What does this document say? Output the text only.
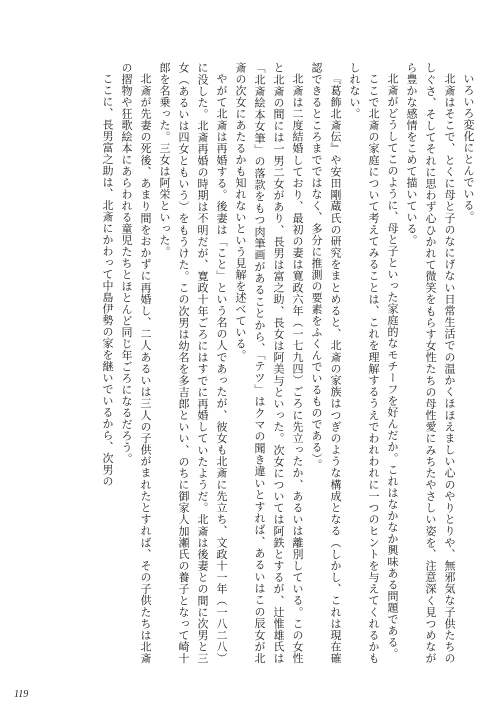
いろいろ変化にとんでいる。

北斎はそこで、とくに母と子のなにげない日常生活での温かくほほえましい心のやりとりや、無邪気な子供たちのしぐさ、そしてそれに思わず心ひかれて微笑をもらす女性たちの母性愛にみちたやさしい姿を、注意深く見つめながら豊かな感情をこめて描いている。

北斎がどうしてこのように、母と子といった家庭的なモチーフを好んだか。これはなかなか興味ある問題である。

ここで北斎の家庭について考えてみることは、これを理解するうえでわれわれに一つのヒントを与えてくれるかもしれない。

『葛飾北斎伝』や安田剛蔵氏の研究をまとめると、北斎の家族はつぎのような構成となる（しかし、これは現在確認できるところまでではなく、多分に推測の要素をふくんでいるものである）。

北斎は二度結婚しており、最初の妻は寛政六年（一七九四）ごろに先立ったか、あるいは離別している。この女性と北斎の間には一男二女があり、長男は富之助、長女は阿美与といった。次女については阿鉄とするが、辻惟雄氏は「北斎絵本女筆」の落款をもつ肉筆画があることから、「テツ」はクマの聞き違いとすれば、あるいはこの辰女が北斎の次女にあたるかも知れないという見解を述べている。

やがて北斎は再婚する。後妻は「こと」という名の人であったが、彼女も北斎に先立ち、文政十一年（一八二八）に没した。北斎再婚の時期は不明だが、寛政十年ごろにはすでに再婚していたようだ。北斎は後妻との間に次男と三女（あるいは四女ともいう）をもうけた。この次男は幼名を多吉郎といい、のちに御家人加瀬氏の養子となって崎十郎を名乗った。三女は阿栄といった。

北斎が先妻の死後、あまり間をおかずに再婚し、二人あるいは三人の子供がまれたとすれば、その子供たちは北斎の摺物や狂歌絵本にあらわれる童児たちとほとんど同じ年ごろになるだろう。

ここに、長男富之助は、北斎にかわって中島伊勢の家を継いでいるから、次男の

119
